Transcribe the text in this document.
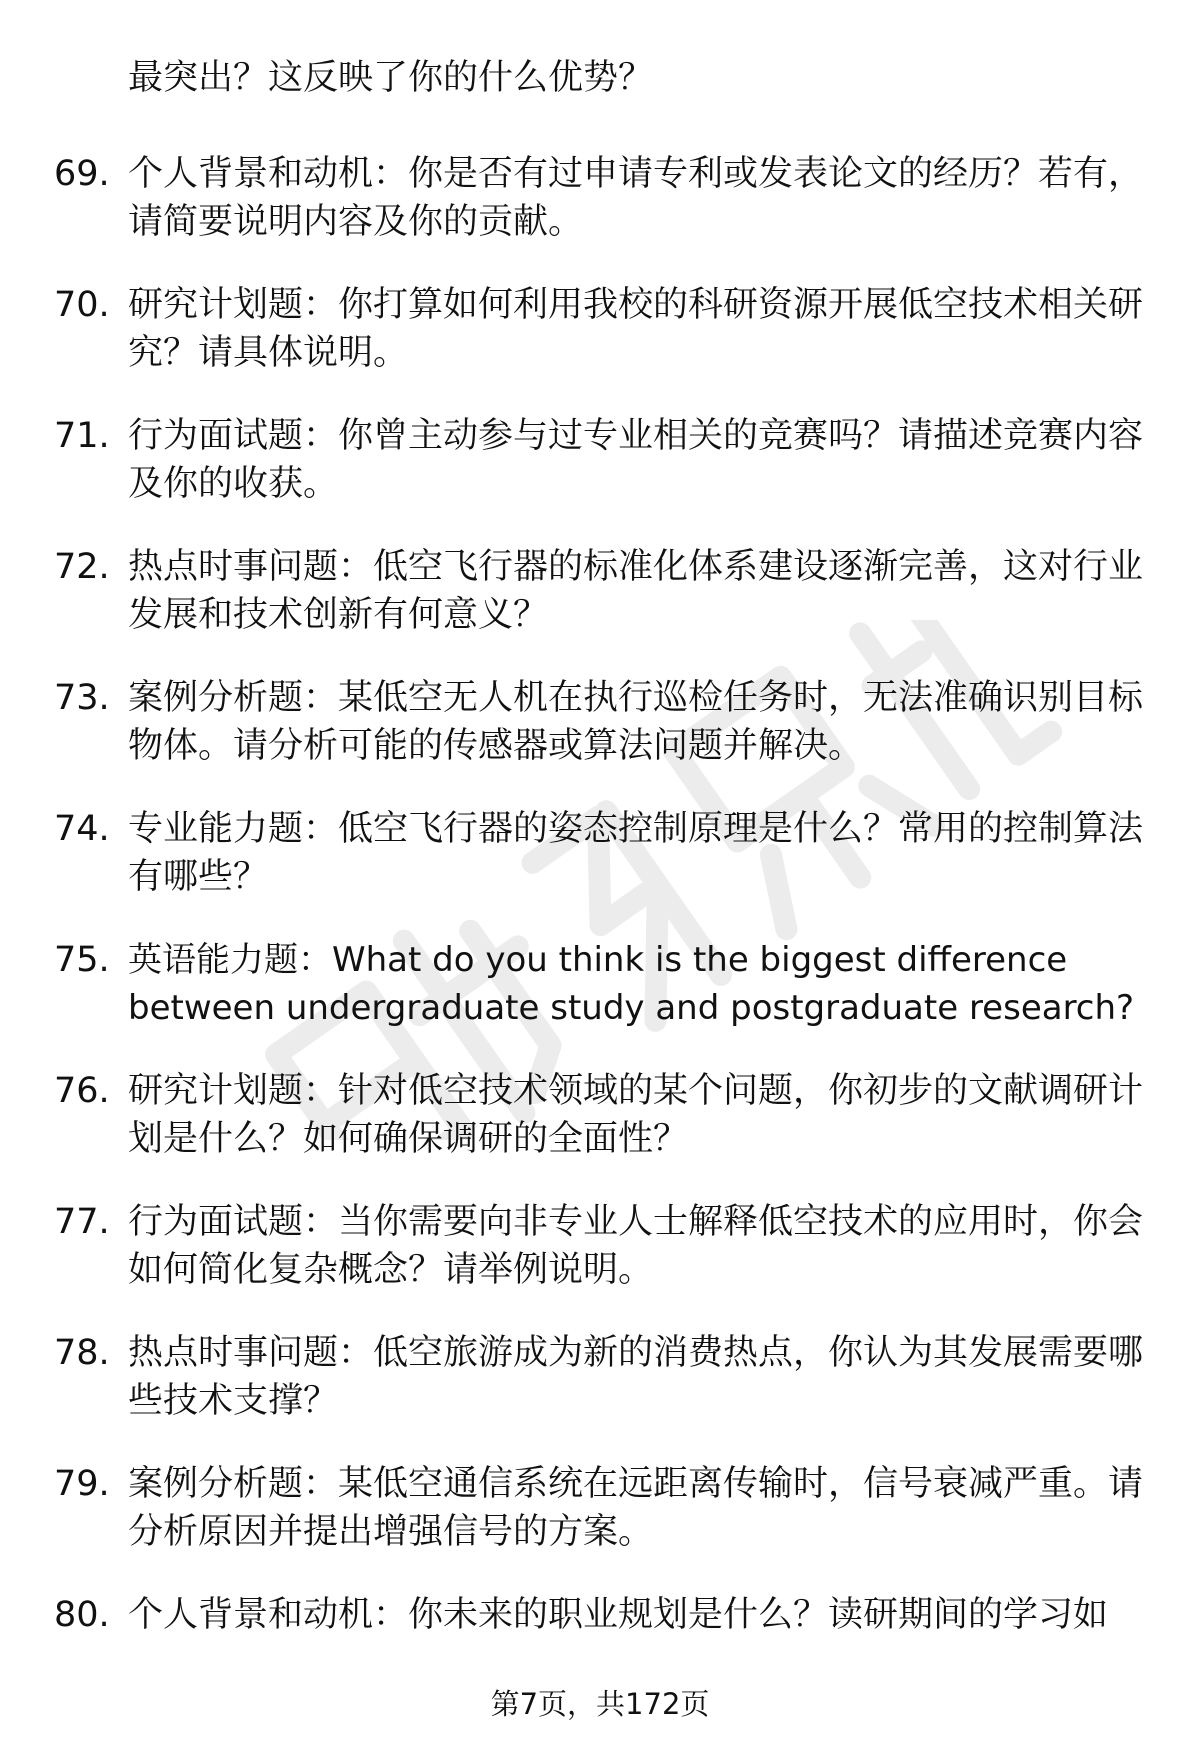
最突出？这反映了你的什么优势？

69. 个人背景和动机：你是否有过申请专利或发表论文的经历？若有，请简要说明内容及你的贡献。
70. 研究计划题：你打算如何利用我校的科研资源开展低空技术相关研究？请具体说明。
71. 行为面试题：你曾主动参与过专业相关的竞赛吗？请描述竞赛内容及你的收获。
72. 热点时事问题：低空飞行器的标准化体系建设逐渐完善，这对行业发展和技术创新有何意义？
73. 案例分析题：某低空无人机在执行巡检任务时，无法准确识别目标物体。请分析可能的传感器或算法问题并解决。
74. 专业能力题：低空飞行器的姿态控制原理是什么？常用的控制算法有哪些？
75. 英语能力题：What do you think is the biggest difference between undergraduate study and postgraduate research?
76. 研究计划题：针对低空技术领域的某个问题，你初步的文献调研计划是什么？如何确保调研的全面性？
77. 行为面试题：当你需要向非专业人士解释低空技术的应用时，你会如何简化复杂概念？请举例说明。
78. 热点时事问题：低空旅游成为新的消费热点，你认为其发展需要哪些技术支撑？
79. 案例分析题：某低空通信系统在远距离传输时，信号衰减严重。请分析原因并提出增强信号的方案。
80. 个人背景和动机：你未来的职业规划是什么？读研期间的学习如
第7页，共172页
